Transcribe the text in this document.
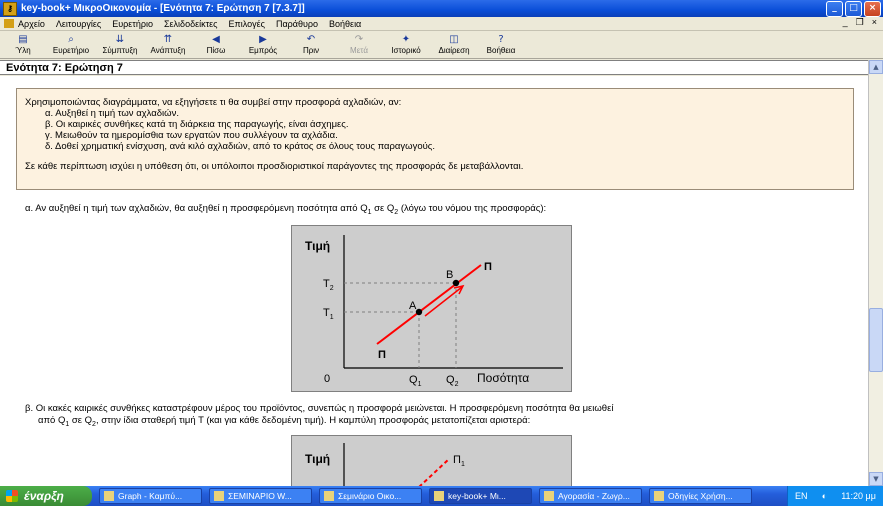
⚷ key-book+ ΜικροΟικονομία - [Ενότητα 7: Ερώτηση 7 [7.3.7]]	_	□	×
Αρχείο Λειτουργίες Ευρετήριο Σελιδοδείκτες Επιλογές Παράθυρο Βοήθεια	_ ❐ ×
▤
Ύλη
⌕
Ευρετήριο
⇊
Σύμπτυξη
⇈
Ανάπτυξη
◀
Πίσω
▶
Εμπρός
↶
Πριν
↷
Μετά
✦
Ιστορικό
◫
Διαίρεση
?
Βοήθεια
Ενότητα 7: Ερώτηση 7
Χρησιμοποιώντας διαγράμματα, να εξηγήσετε τι θα συμβεί στην προσφορά αχλαδιών, αν:
α. Αυξηθεί η τιμή των αχλαδιών.
β. Οι καιρικές συνθήκες κατά τη διάρκεια της παραγωγής, είναι άσχημες.
γ. Μειωθούν τα ημερομίσθια των εργατών που συλλέγουν τα αχλάδια.
δ. Δοθεί χρηματική ενίσχυση, ανά κιλό αχλαδιών, από το κράτος σε όλους τους παραγωγούς.
Σε κάθε περίπτωση ισχύει η υπόθεση ότι, οι υπόλοιποι προσδιοριστικοί παράγοντες της προσφοράς δε μεταβάλλονται.
α. Αν αυξηθεί η τιμή των αχλαδιών, θα αυξηθεί η προσφερόμενη ποσότητα από $Q_1$ σε $Q_2$ (λόγω του νόμου της προσφοράς):
Τιμή
$T_2$
$T_1$
0	$Q_1$ $Q_2$ Ποσότητα
A
B
Π
Π
β. Οι κακές καιρικές συνθήκες καταστρέφουν μέρος του προϊόντος, συνεπώς η προσφορά μειώνεται. Η προσφερόμενη ποσότητα θα μειωθεί
από $Q_1$ σε $Q_2$, στην ίδια σταθερή τιμή Τ (και για κάθε δεδομένη τιμή). Η καμπύλη προσφοράς μετατοπίζεται αριστερά:
Τιμή	$\Pi_1$
▲
▼
έναρξη	Graph - Καμπύ...	ΣΕΜΙΝΑΡΙΟ W...	Σεμινάριο Οικο...	key-book+ Μι...	Αγορασία - Ζωγρ...	Οδηγίες Χρήση...	EN ◐ 11:20 μμ
